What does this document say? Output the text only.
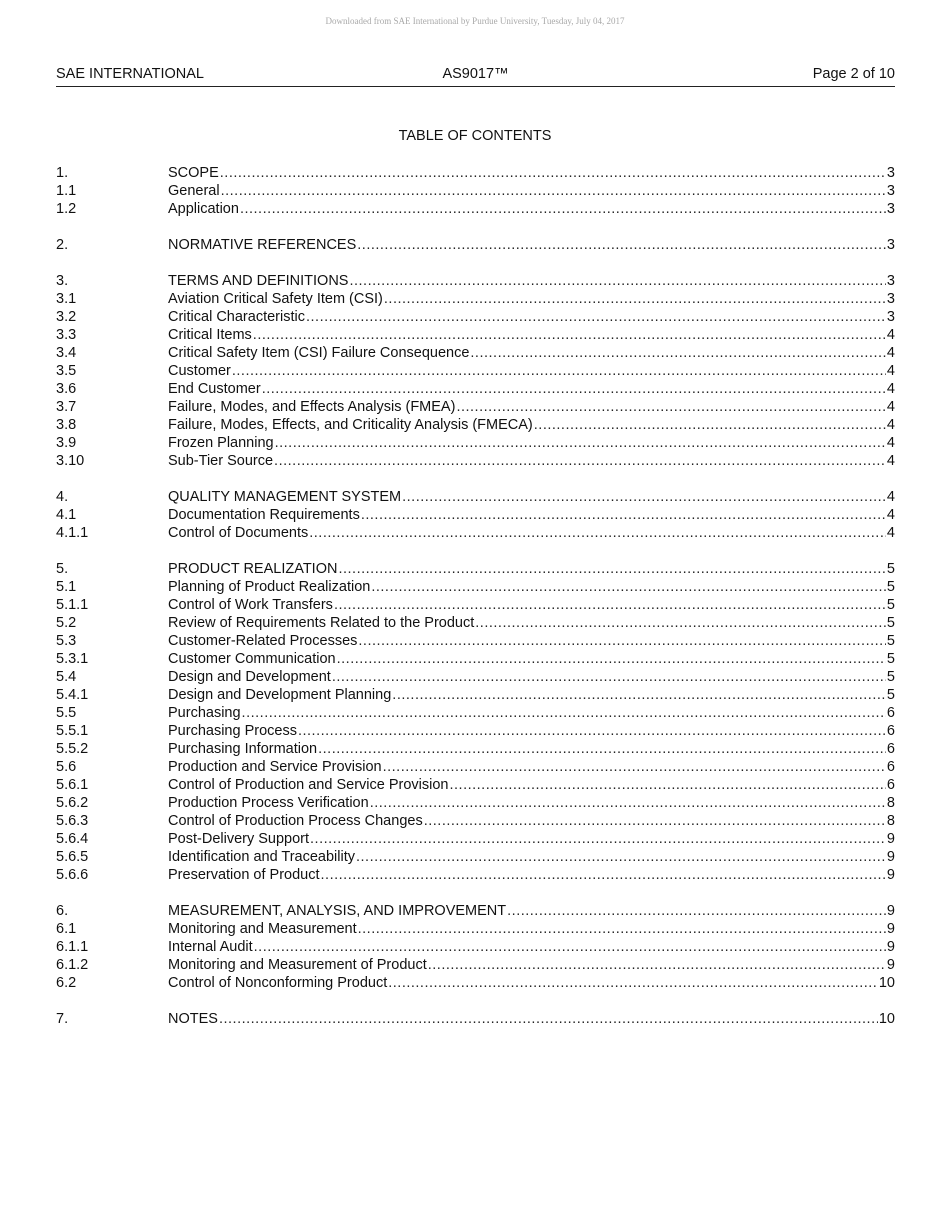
Downloaded from SAE International by Purdue University, Tuesday, July 04, 2017
SAE INTERNATIONAL	AS9017™	Page 2 of 10
TABLE OF CONTENTS
1.	SCOPE .....	3
1.1	General .....	3
1.2	Application .....	3
2.	NORMATIVE REFERENCES .....	3
3.	TERMS AND DEFINITIONS .....	3
3.1	Aviation Critical Safety Item (CSI) .....	3
3.2	Critical Characteristic .....	3
3.3	Critical Items .....	4
3.4	Critical Safety Item (CSI) Failure Consequence .....	4
3.5	Customer .....	4
3.6	End Customer .....	4
3.7	Failure, Modes, and Effects Analysis (FMEA) .....	4
3.8	Failure, Modes, Effects, and Criticality Analysis (FMECA) .....	4
3.9	Frozen Planning .....	4
3.10	Sub-Tier Source .....	4
4.	QUALITY MANAGEMENT SYSTEM .....	4
4.1	Documentation Requirements .....	4
4.1.1	Control of Documents .....	4
5.	PRODUCT REALIZATION .....	5
5.1	Planning of Product Realization .....	5
5.1.1	Control of Work Transfers .....	5
5.2	Review of Requirements Related to the Product .....	5
5.3	Customer-Related Processes .....	5
5.3.1	Customer Communication .....	5
5.4	Design and Development .....	5
5.4.1	Design and Development Planning .....	5
5.5	Purchasing .....	6
5.5.1	Purchasing Process .....	6
5.5.2	Purchasing Information .....	6
5.6	Production and Service Provision .....	6
5.6.1	Control of Production and Service Provision .....	6
5.6.2	Production Process Verification .....	8
5.6.3	Control of Production Process Changes .....	8
5.6.4	Post-Delivery Support .....	9
5.6.5	Identification and Traceability .....	9
5.6.6	Preservation of Product .....	9
6.	MEASUREMENT, ANALYSIS, AND IMPROVEMENT .....	9
6.1	Monitoring and Measurement .....	9
6.1.1	Internal Audit .....	9
6.1.2	Monitoring and Measurement of Product .....	9
6.2	Control of Nonconforming Product .....	10
7.	NOTES .....	10
